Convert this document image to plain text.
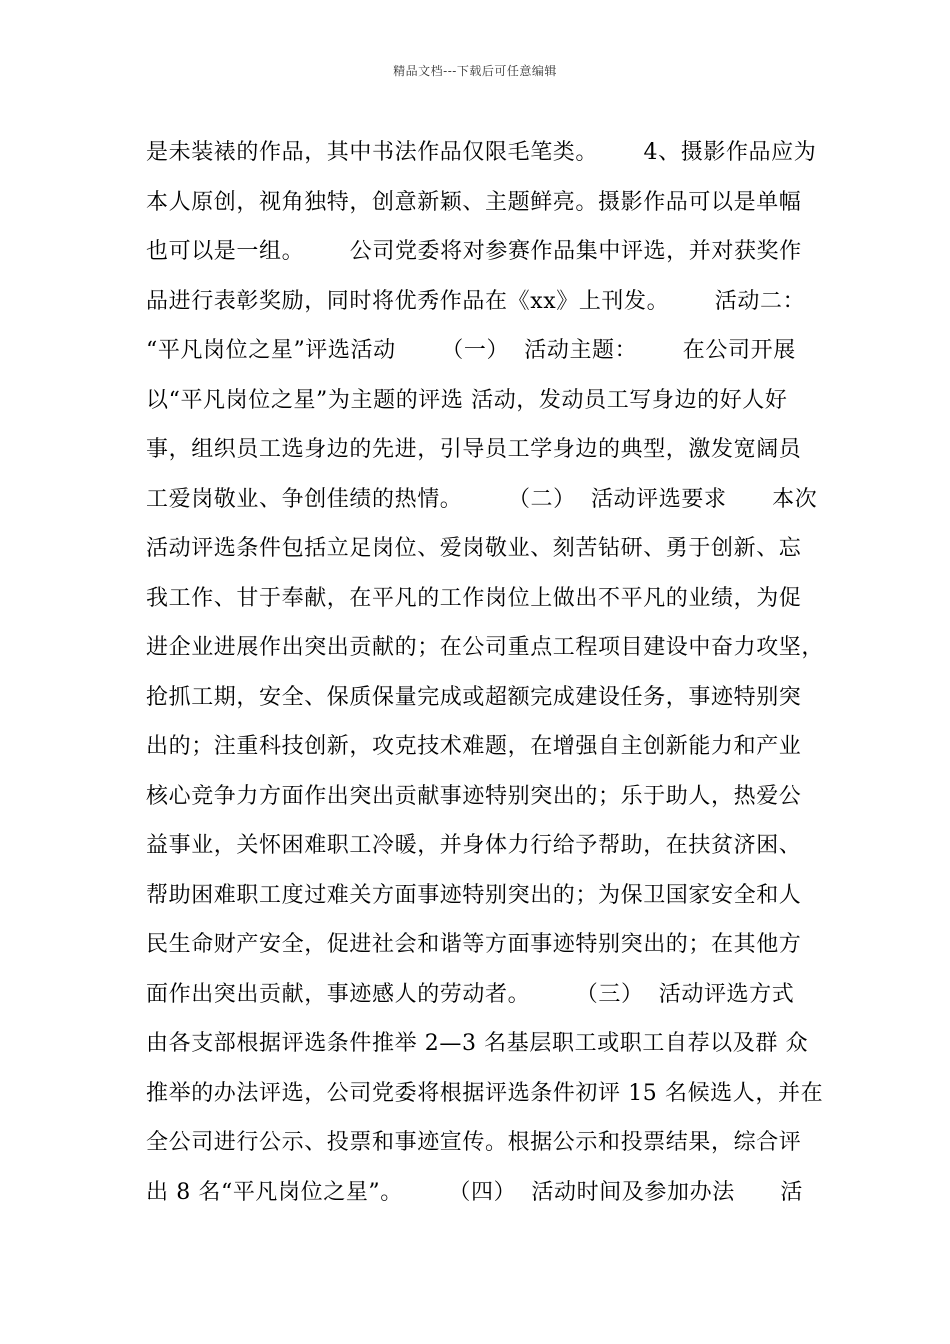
精品文档---下载后可任意编辑
是未装裱的作品，其中书法作品仅限毛笔类。      4、摄影作品应为
本人原创，视角独特，创意新颖、主题鲜亮。摄影作品可以是单幅
也可以是一组。      公司党委将对参赛作品集中评选，并对获奖作
品进行表彰奖励，同时将优秀作品在《xx》上刊发。      活动二：
“平凡岗位之星”评选活动      （一）  活动主题：      在公司开展
以“平凡岗位之星”为主题的评选 活动，发动员工写身边的好人好
事，组织员工选身边的先进，引导员工学身边的典型，激发宽阔员
工爱岗敬业、争创佳绩的热情。      （二）  活动评选要求      本次
活动评选条件包括立足岗位、爱岗敬业、刻苦钻研、勇于创新、忘
我工作、甘于奉献，在平凡的工作岗位上做出不平凡的业绩，为促
进企业进展作出突出贡献的；在公司重点工程项目建设中奋力攻坚，
抢抓工期，安全、保质保量完成或超额完成建设任务，事迹特别突
出的；注重科技创新，攻克技术难题，在增强自主创新能力和产业
核心竞争力方面作出突出贡献事迹特别突出的；乐于助人，热爱公
益事业，关怀困难职工冷暖，并身体力行给予帮助，在扶贫济困、
帮助困难职工度过难关方面事迹特别突出的；为保卫国家安全和人
民生命财产安全，促进社会和谐等方面事迹特别突出的；在其他方
面作出突出贡献，事迹感人的劳动者。      （三）  活动评选方式
由各支部根据评选条件推举 2—3 名基层职工或职工自荐以及群 众
推举的办法评选，公司党委将根据评选条件初评 15 名候选人，并在
全公司进行公示、投票和事迹宣传。根据公示和投票结果，综合评
出 8 名“平凡岗位之星”。      （四）  活动时间及参加办法      活
